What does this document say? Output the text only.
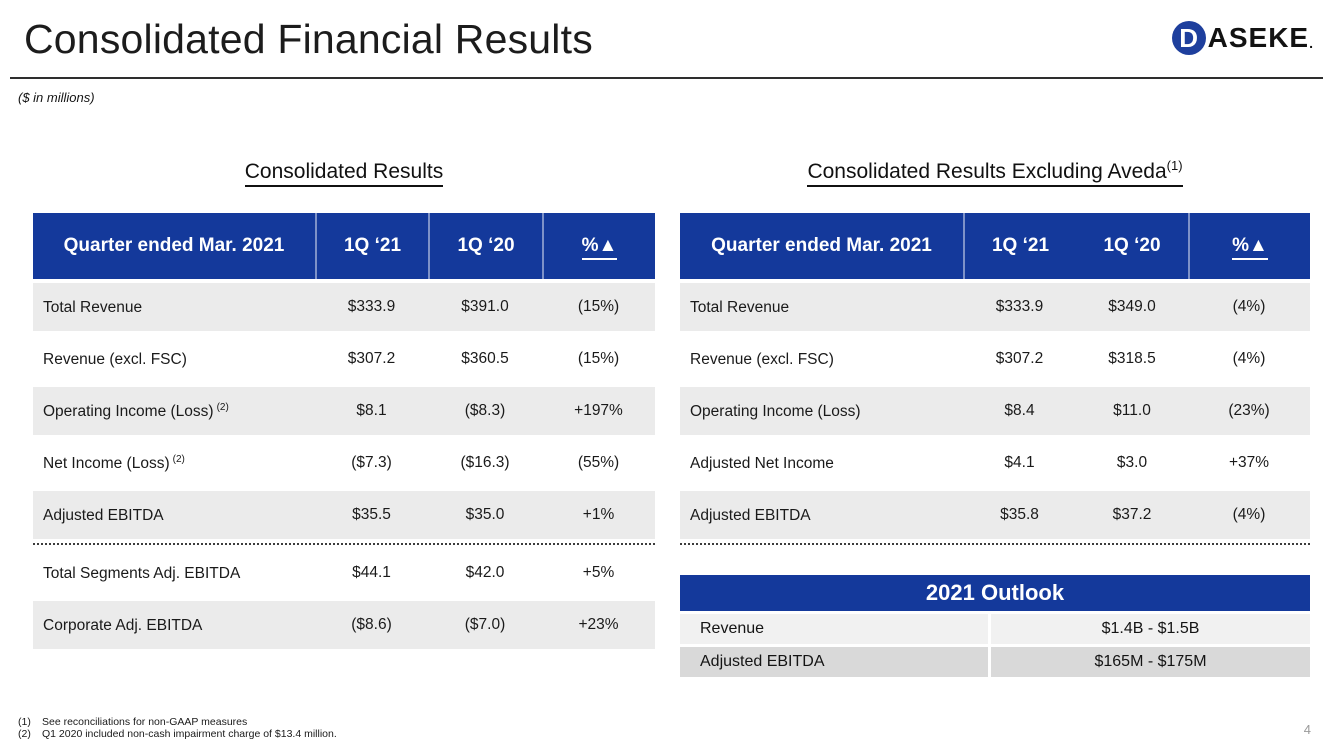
Consolidated Financial Results	D ASEKE .
($ in millions)
Consolidated Results
Quarter ended Mar. 2021	1Q ‘21	1Q ‘20	%▲
Total Revenue	$333.9	$391.0	(15%)
Revenue (excl. FSC)	$307.2	$360.5	(15%)
Operating Income (Loss) $^{(2)}$	$8.1	($8.3)	+197%
Net Income (Loss) $^{(2)}$	($7.3)	($16.3)	(55%)
Adjusted EBITDA	$35.5	$35.0	+1%

Total Segments Adj. EBITDA	$44.1	$42.0	+5%
Corporate Adj. EBITDA	($8.6)	($7.0)	+23%
Consolidated Results Excluding Aveda$^{(1)}$
Quarter ended Mar. 2021	1Q ‘21	1Q ‘20	%▲
Total Revenue	$333.9	$349.0	(4%)
Revenue (excl. FSC)	$307.2	$318.5	(4%)
Operating Income (Loss)	$8.4	$11.0	(23%)
Adjusted Net Income	$4.1	$3.0	+37%
Adjusted EBITDA	$35.8	$37.2	(4%)

2021 Outlook
Revenue	$1.4B - $1.5B
Adjusted EBITDA	$165M - $175M
(1)	See reconciliations for non-GAAP measures
(2)	Q1 2020 included non-cash impairment charge of $13.4 million.	4
